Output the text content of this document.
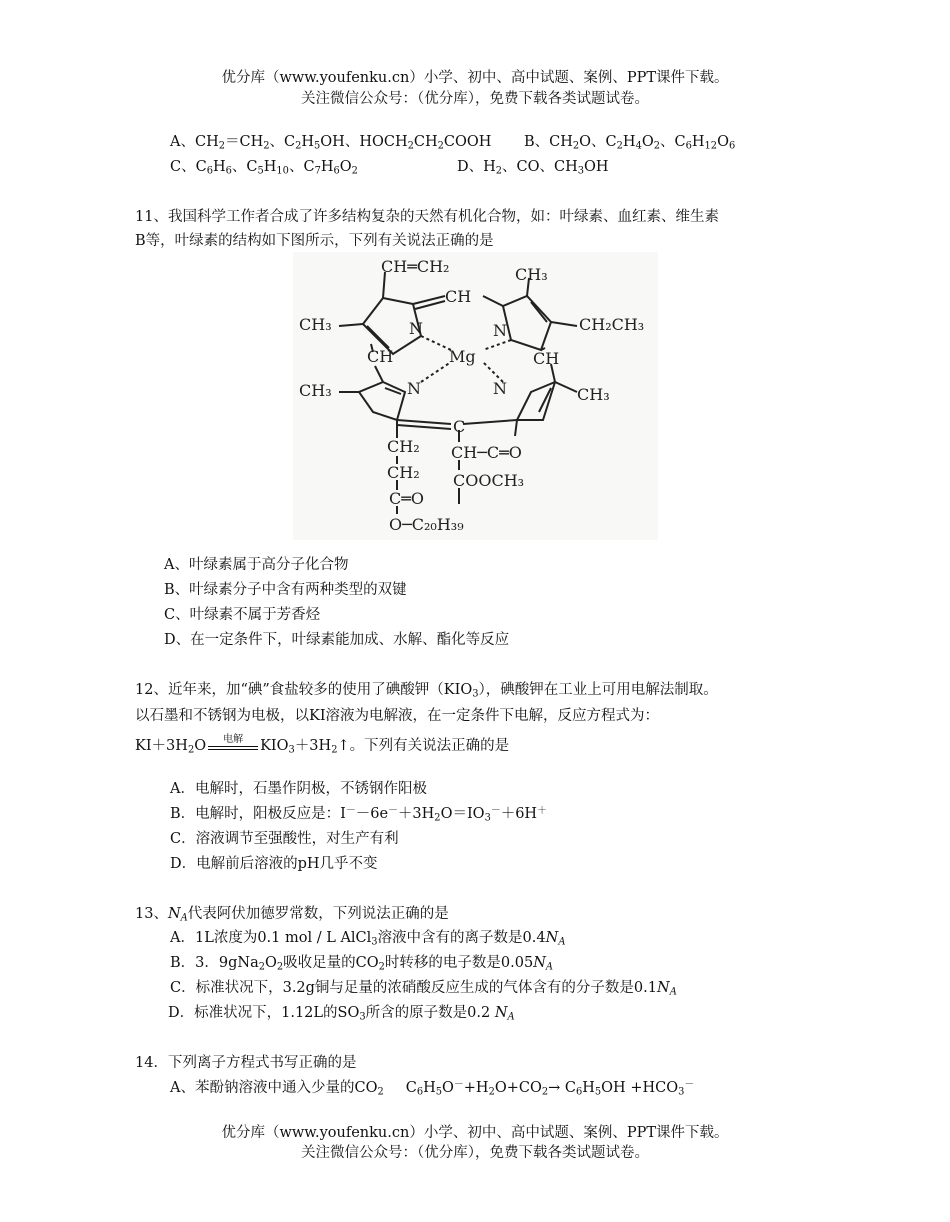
优分库（www.youfenku.cn）小学、初中、高中试题、案例、PPT课件下载。
关注微信公众号：（优分库），免费下载各类试题试卷。
A、$CH_2=CH_2$、$C_2H_5OH$、$HOCH_2CH_2COOH$ B、$CH_2O$、$C_2H_4O_2$、$C_6H_{12}O_6$
C、$C_6H_6$、$C_5H_{10}$、$C_7H_6O_2$	D、$H_2$、CO、$CH_3OH$
11、我国科学工作者合成了许多结构复杂的天然有机化合物，如：叶绿素、血红素、维生素
B等，叶绿素的结构如下图所示，下列有关说法正确的是
CH═CH₂
CH
CH₃
CH₃	N	N	CH₂CH₃
Mg
CH	CH
CH₃	N	N	CH₃
C
CH─C═O
CH₂
CH₂
C═O
COOCH₃
O─C₂₀H₃₉
A、叶绿素属于高分子化合物
B、叶绿素分子中含有两种类型的双键
C、叶绿素不属于芳香烃
D、在一定条件下，叶绿素能加成、水解、酯化等反应
12、近年来，加“碘”食盐较多的使用了碘酸钾$(KIO_3)$，碘酸钾在工业上可用电解法制取。
以石墨和不锈钢为电极，以KI溶液为电解液，在一定条件下电解，反应方程式为：
$KI+3H_2O$	电解	$KIO_3+3H_2↑$。下列有关说法正确的是
A．电解时，石墨作阴极，不锈钢作阳极
B．电解时，阳极反应是：$I^--6e^-+3H_2O=IO_3^-+6H^+$
C．溶液调节至强酸性，对生产有利
D．电解前后溶液的pH几乎不变
13、$N_A$代表阿伏加德罗常数，下列说法正确的是
A．1L浓度为0.1 mol / L AlCl$_3$溶液中含有的离子数是$0.4N_A$
B．3．$9gNa_2O_2$吸收足量的$CO_2$时转移的电子数是$0.05N_A$
C．标准状况下，3.2g铜与足量的浓硝酸反应生成的气体含有的分子数是$0.1N_A$
D．标准状况下，1.12L的$SO_3$所含的原子数是0.2 $N_A$
14．下列离子方程式书写正确的是
A、苯酚钠溶液中通入少量的$CO_2$ $C_6H_5O^-+H_2O+CO_2\to C_6H_5OH +HCO_3^-$
优分库（www.youfenku.cn）小学、初中、高中试题、案例、PPT课件下载。
关注微信公众号：（优分库），免费下载各类试题试卷。
